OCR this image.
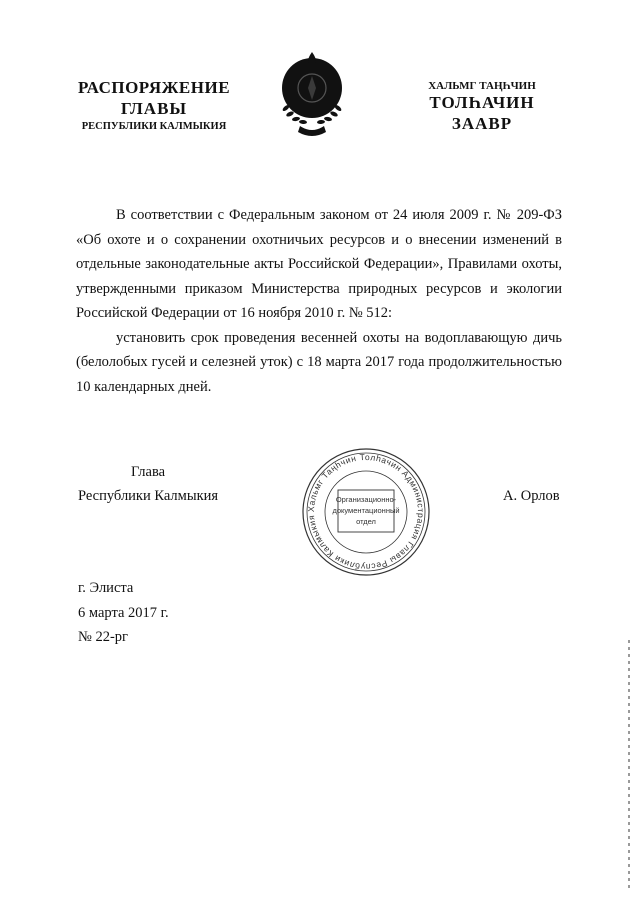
РАСПОРЯЖЕНИЕ
ГЛАВЫ
РЕСПУБЛИКИ КАЛМЫКИЯ
ХАЛЬМГ ТАҢҺЧИН
ТОЛҺАЧИН
ЗААВР

В соответствии с Федеральным законом от 24 июля 2009 г. № 209-ФЗ «Об охоте и о сохранении охотничьих ресурсов и о внесении изменений в отдельные законодательные акты Российской Федерации», Правилами охоты, утвержденными приказом Министерства природных ресурсов и экологии Российской Федерации от 16 ноября 2010 г. № 512:

установить срок проведения весенней охоты на водоплавающую дичь (белолобых гусей и селезней уток) с 18 марта 2017 года продолжительностью 10 календарных дней.

Глава
Республики Калмыкия	А. Орлов
Хальмг Таңһчин Толһачин Администрация Главы Республики Калмыкия
Организационно-
документационный
отдел
г. Элиста
6 марта 2017 г.
№ 22-рг
